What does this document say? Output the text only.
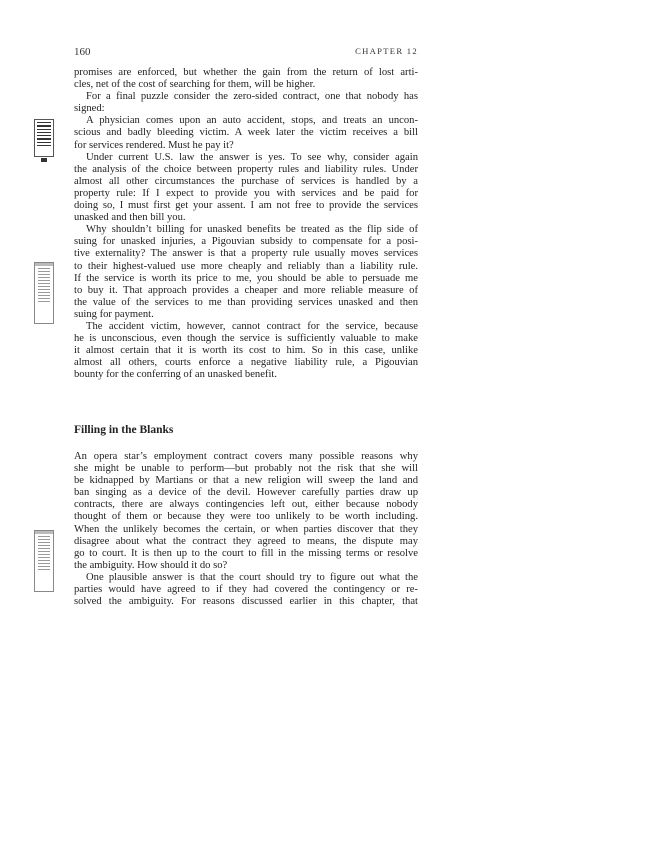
160	CHAPTER 12
promises are enforced, but whether the gain from the return of lost arti-
cles, net of the cost of searching for them, will be higher.
For a final puzzle consider the zero-sided contract, one that nobody has
signed:
A physician comes upon an auto accident, stops, and treats an uncon-
scious and badly bleeding victim. A week later the victim receives a bill
for services rendered. Must he pay it?
Under current U.S. law the answer is yes. To see why, consider again
the analysis of the choice between property rules and liability rules. Under
almost all other circumstances the purchase of services is handled by a
property rule: If I expect to provide you with services and be paid for
doing so, I must first get your assent. I am not free to provide the services
unasked and then bill you.
Why shouldn’t billing for unasked benefits be treated as the flip side of
suing for unasked injuries, a Pigouvian subsidy to compensate for a posi-
tive externality? The answer is that a property rule usually moves services
to their highest-valued use more cheaply and reliably than a liability rule.
If the service is worth its price to me, you should be able to persuade me
to buy it. That approach provides a cheaper and more reliable measure of
the value of the services to me than providing services unasked and then
suing for payment.
The accident victim, however, cannot contract for the service, because
he is unconscious, even though the service is sufficiently valuable to make
it almost certain that it is worth its cost to him. So in this case, unlike
almost all others, courts enforce a negative liability rule, a Pigouvian
bounty for the conferring of an unasked benefit.
Filling in the Blanks
An opera star’s employment contract covers many possible reasons why
she might be unable to perform—but probably not the risk that she will
be kidnapped by Martians or that a new religion will sweep the land and
ban singing as a device of the devil. However carefully parties draw up
contracts, there are always contingencies left out, either because nobody
thought of them or because they were too unlikely to be worth including.
When the unlikely becomes the certain, or when parties discover that they
disagree about what the contract they agreed to means, the dispute may
go to court. It is then up to the court to fill in the missing terms or resolve
the ambiguity. How should it do so?
One plausible answer is that the court should try to figure out what the
parties would have agreed to if they had covered the contingency or re-
solved the ambiguity. For reasons discussed earlier in this chapter, that
